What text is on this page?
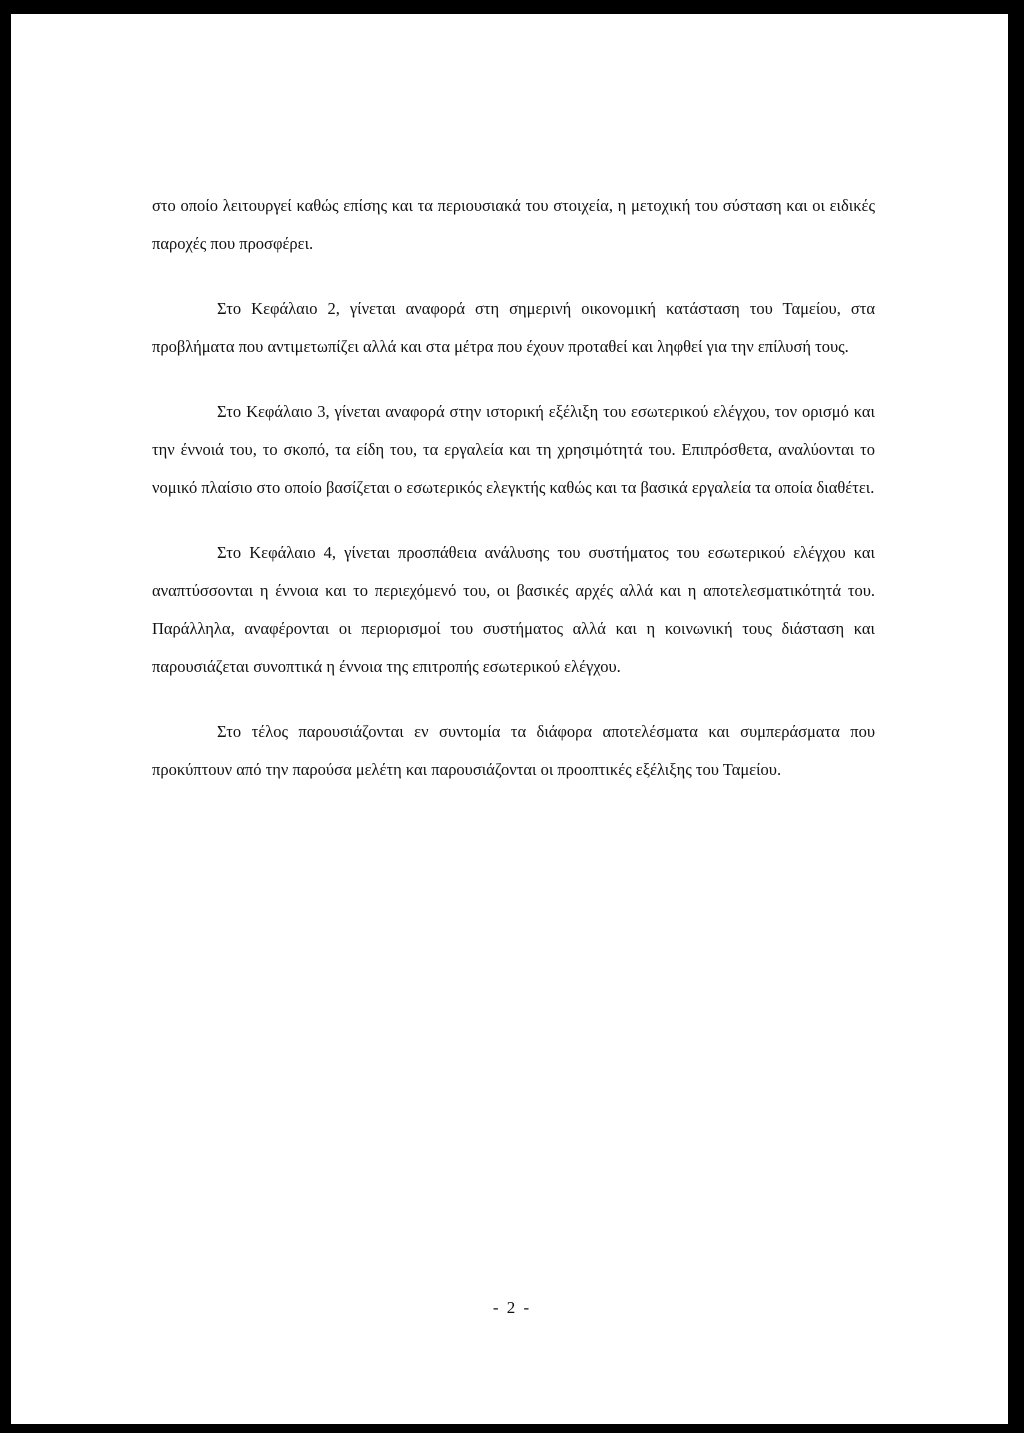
στο οποίο λειτουργεί καθώς επίσης και τα περιουσιακά του στοιχεία, η μετοχική του σύσταση και οι ειδικές παροχές που προσφέρει.

Στο Κεφάλαιο 2, γίνεται αναφορά στη σημερινή οικονομική κατάσταση του Ταμείου, στα προβλήματα που αντιμετωπίζει αλλά και στα μέτρα που έχουν προταθεί και ληφθεί για την επίλυσή τους.

Στο Κεφάλαιο 3, γίνεται αναφορά στην ιστορική εξέλιξη του εσωτερικού ελέγχου, τον ορισμό και την έννοιά του, το σκοπό, τα είδη του, τα εργαλεία και τη χρησιμότητά του. Επιπρόσθετα, αναλύονται το νομικό πλαίσιο στο οποίο βασίζεται ο εσωτερικός ελεγκτής καθώς και τα βασικά εργαλεία τα οποία διαθέτει.

Στο Κεφάλαιο 4, γίνεται προσπάθεια ανάλυσης του συστήματος του εσωτερικού ελέγχου και αναπτύσσονται η έννοια και το περιεχόμενό του, οι βασικές αρχές αλλά και η αποτελεσματικότητά του. Παράλληλα, αναφέρονται οι περιορισμοί του συστήματος αλλά και η κοινωνική τους διάσταση και παρουσιάζεται συνοπτικά η έννοια της επιτροπής εσωτερικού ελέγχου.

Στο τέλος παρουσιάζονται εν συντομία τα διάφορα αποτελέσματα και συμπεράσματα που προκύπτουν από την παρούσα μελέτη και παρουσιάζονται οι προοπτικές εξέλιξης του Ταμείου.

- 2 -
